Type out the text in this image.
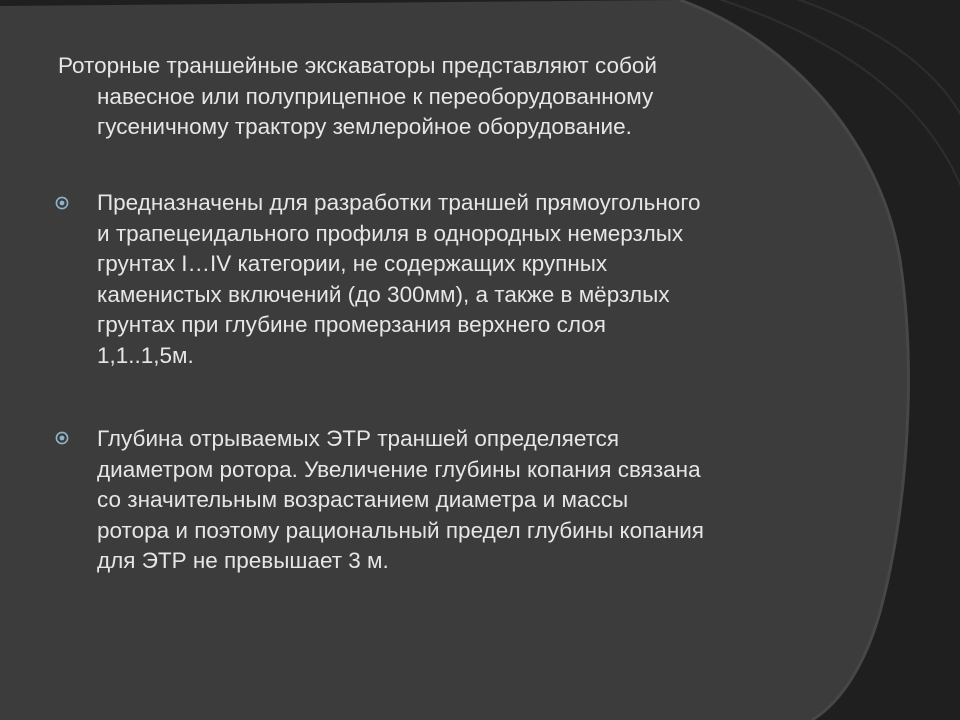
Роторные траншейные экскаваторы представляют собой
навесное или полуприцепное к переоборудованному
гусеничному трактору землеройное оборудование.

Предназначены для разработки траншей прямоугольного
и трапецеидального профиля в однородных немерзлых
грунтах I…IV категории, не содержащих крупных
каменистых включений (до 300мм), а также в мёрзлых
грунтах при глубине промерзания верхнего слоя
1,1..1,5м.

Глубина отрываемых ЭТР траншей определяется
диаметром ротора. Увеличение глубины копания связана
со значительным возрастанием диаметра и массы
ротора и поэтому рациональный предел глубины копания
для ЭТР не превышает 3 м.
